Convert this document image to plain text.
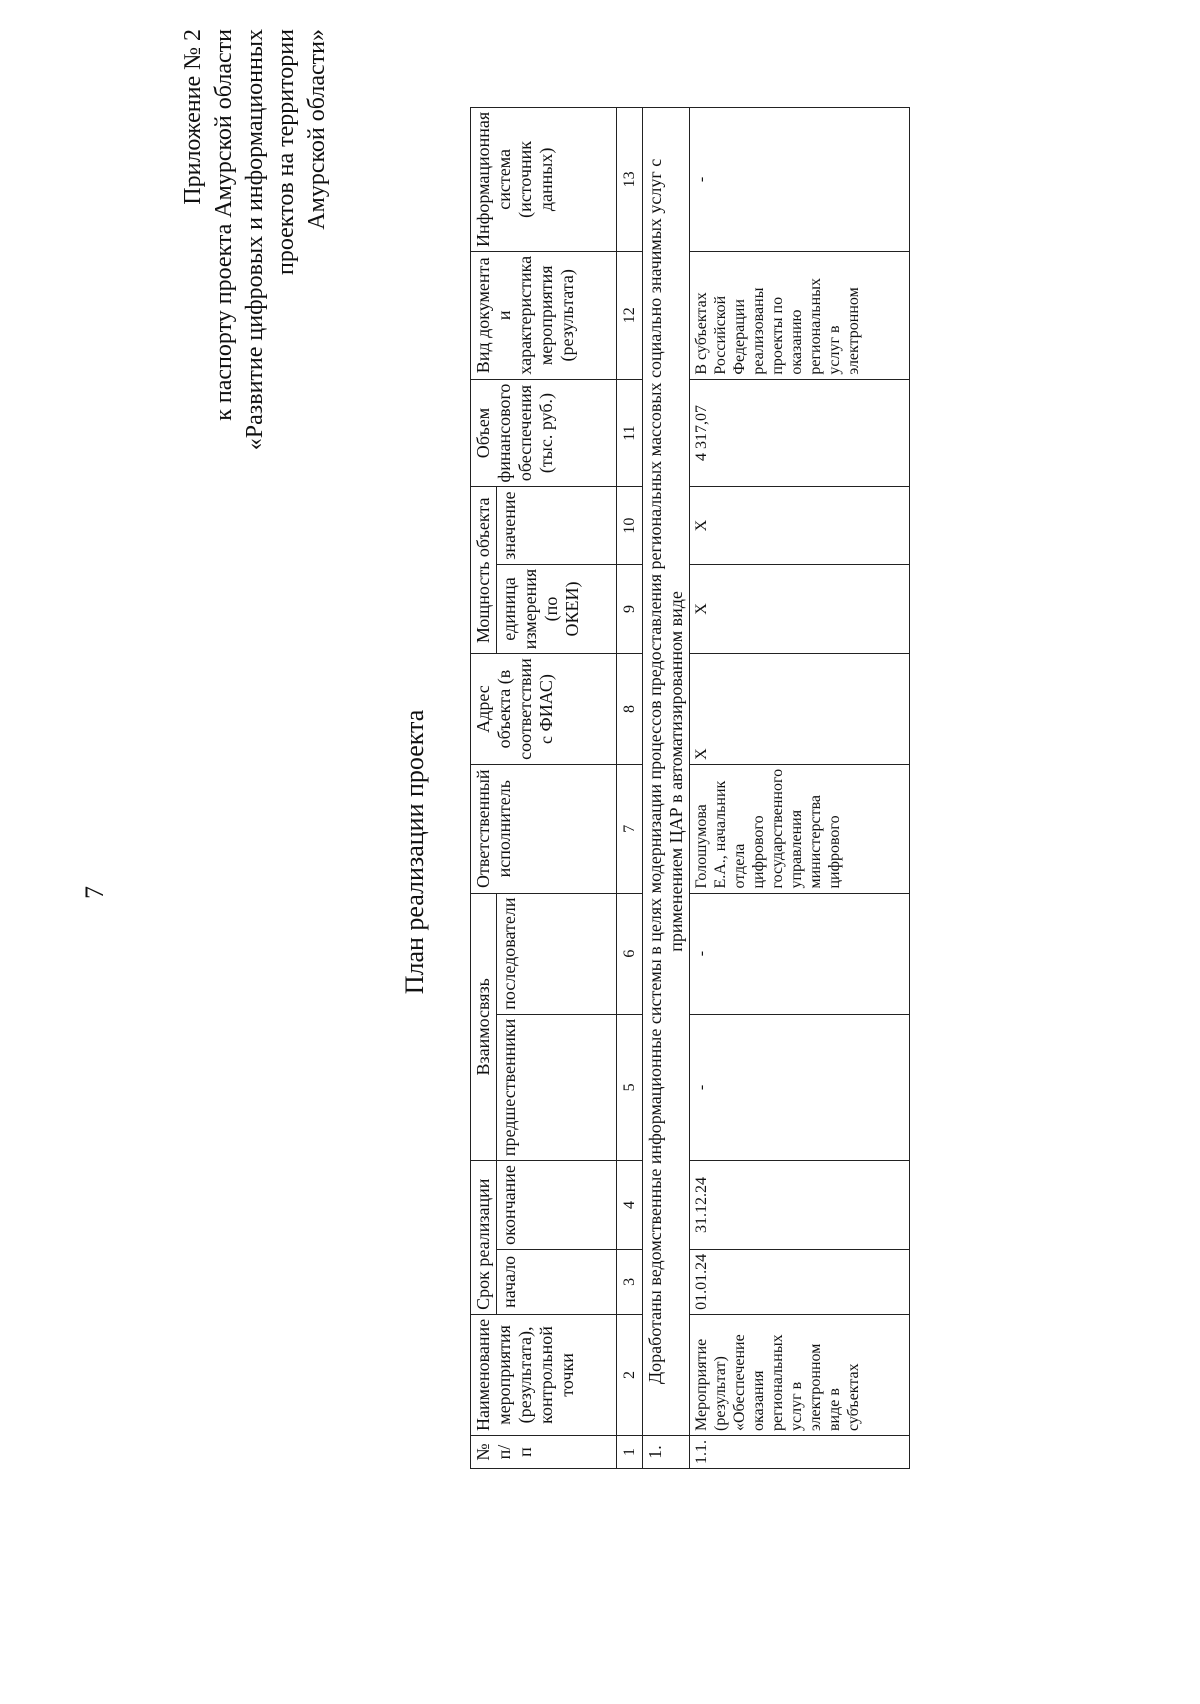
7
Приложение № 2 к паспорту проекта Амурской области «Развитие цифровых и информационных проектов на территории Амурской области»
План реализации проекта
№ п/п	Наименование мероприятия (результата), контрольной точки	Срок реализации		Взаимосвязь		Ответственный исполнитель	Адрес объекта (в соответствии с ФИАС)	Мощность объекта		Объем финансового обеспечения (тыс. руб.)	Вид документа и характеристика мероприятия (результата)	Информационная система (источник данных)
		начало	окончание	предшественники	последователи			единица измерения (по ОКЕИ)	значение			
1	2	3	4	5	6	7	8	9	10	11	12	13
1.	Доработаны ведомственные информационные системы в целях модернизации процессов предоставления региональных массовых социально значимых услуг с применением ЦАР в автоматизированном виде											
1.1.	Мероприятие (результат) «Обеспечение оказания региональных услуг в электронном виде в субъектах	01.01.24	31.12.24	-	-	Голошумова Е.А., начальник отдела цифрового государственного управления министерства цифрового	Х	Х	Х	4 317,07	В субъектах Российской Федерации реализованы проекты по оказанию региональных услуг в электронном	-
